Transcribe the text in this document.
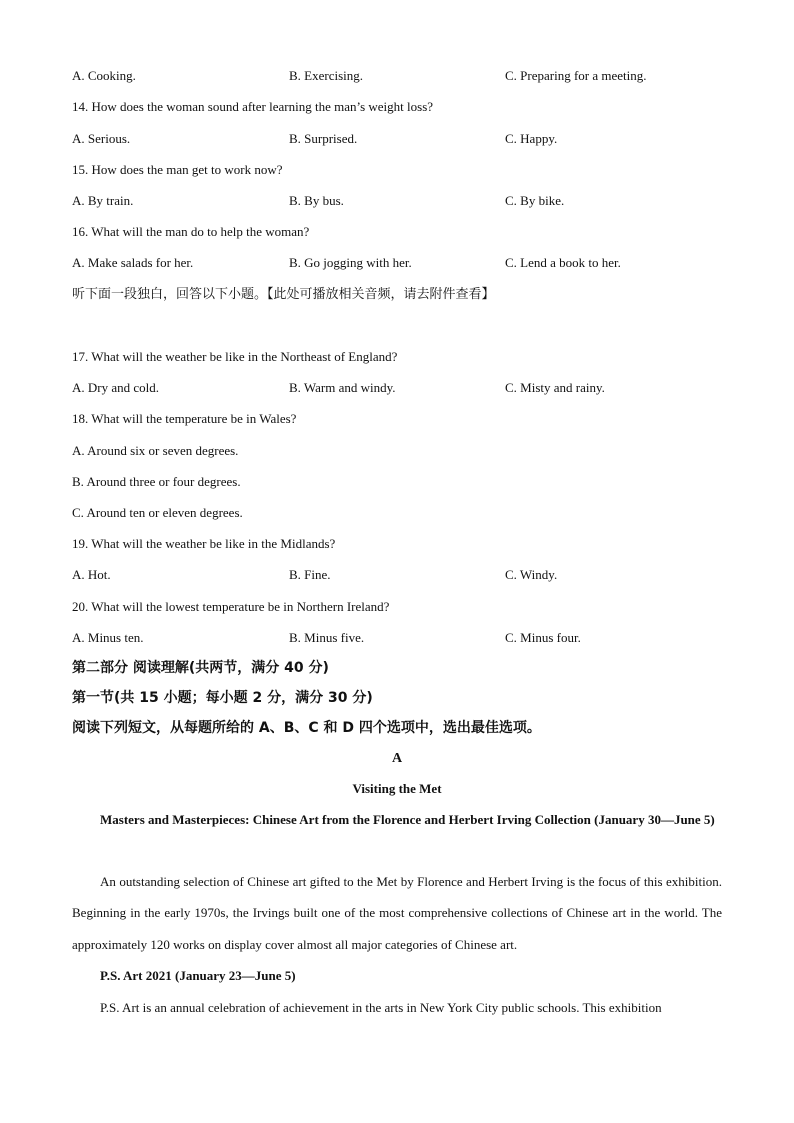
A. Cooking.	B. Exercising.	C. Preparing for a meeting.
14. How does the woman sound after learning the man’s weight loss?
A. Serious.	B. Surprised.	C. Happy.
15. How does the man get to work now?
A. By train.	B. By bus.	C. By bike.
16. What will the man do to help the woman?
A. Make salads for her.	B. Go jogging with her.	C. Lend a book to her.
听下面一段独白，回答以下小题。【此处可播放相关音频，请去附件查看】
17. What will the weather be like in the Northeast of England?
A. Dry and cold.	B. Warm and windy.	C. Misty and rainy.
18. What will the temperature be in Wales?
A. Around six or seven degrees.
B. Around three or four degrees.
C. Around ten or eleven degrees.
19. What will the weather be like in the Midlands?
A. Hot.	B. Fine.	C. Windy.
20. What will the lowest temperature be in Northern Ireland?
A. Minus ten.	B. Minus five.	C. Minus four.
第二部分 阅读理解(共两节，满分 40 分)
第一节(共 15 小题；每小题 2 分，满分 30 分)
阅读下列短文，从每题所给的 A、B、C 和 D 四个选项中，选出最佳选项。
A
Visiting the Met
Masters and Masterpieces: Chinese Art from the Florence and Herbert Irving Collection (January 30—June 5)
An outstanding selection of Chinese art gifted to the Met by Florence and Herbert Irving is the focus of this exhibition. Beginning in the early 1970s, the Irvings built one of the most comprehensive collections of Chinese art in the world. The approximately 120 works on display cover almost all major categories of Chinese art.
P.S. Art 2021 (January 23—June 5)
P.S. Art is an annual celebration of achievement in the arts in New York City public schools. This exhibition
